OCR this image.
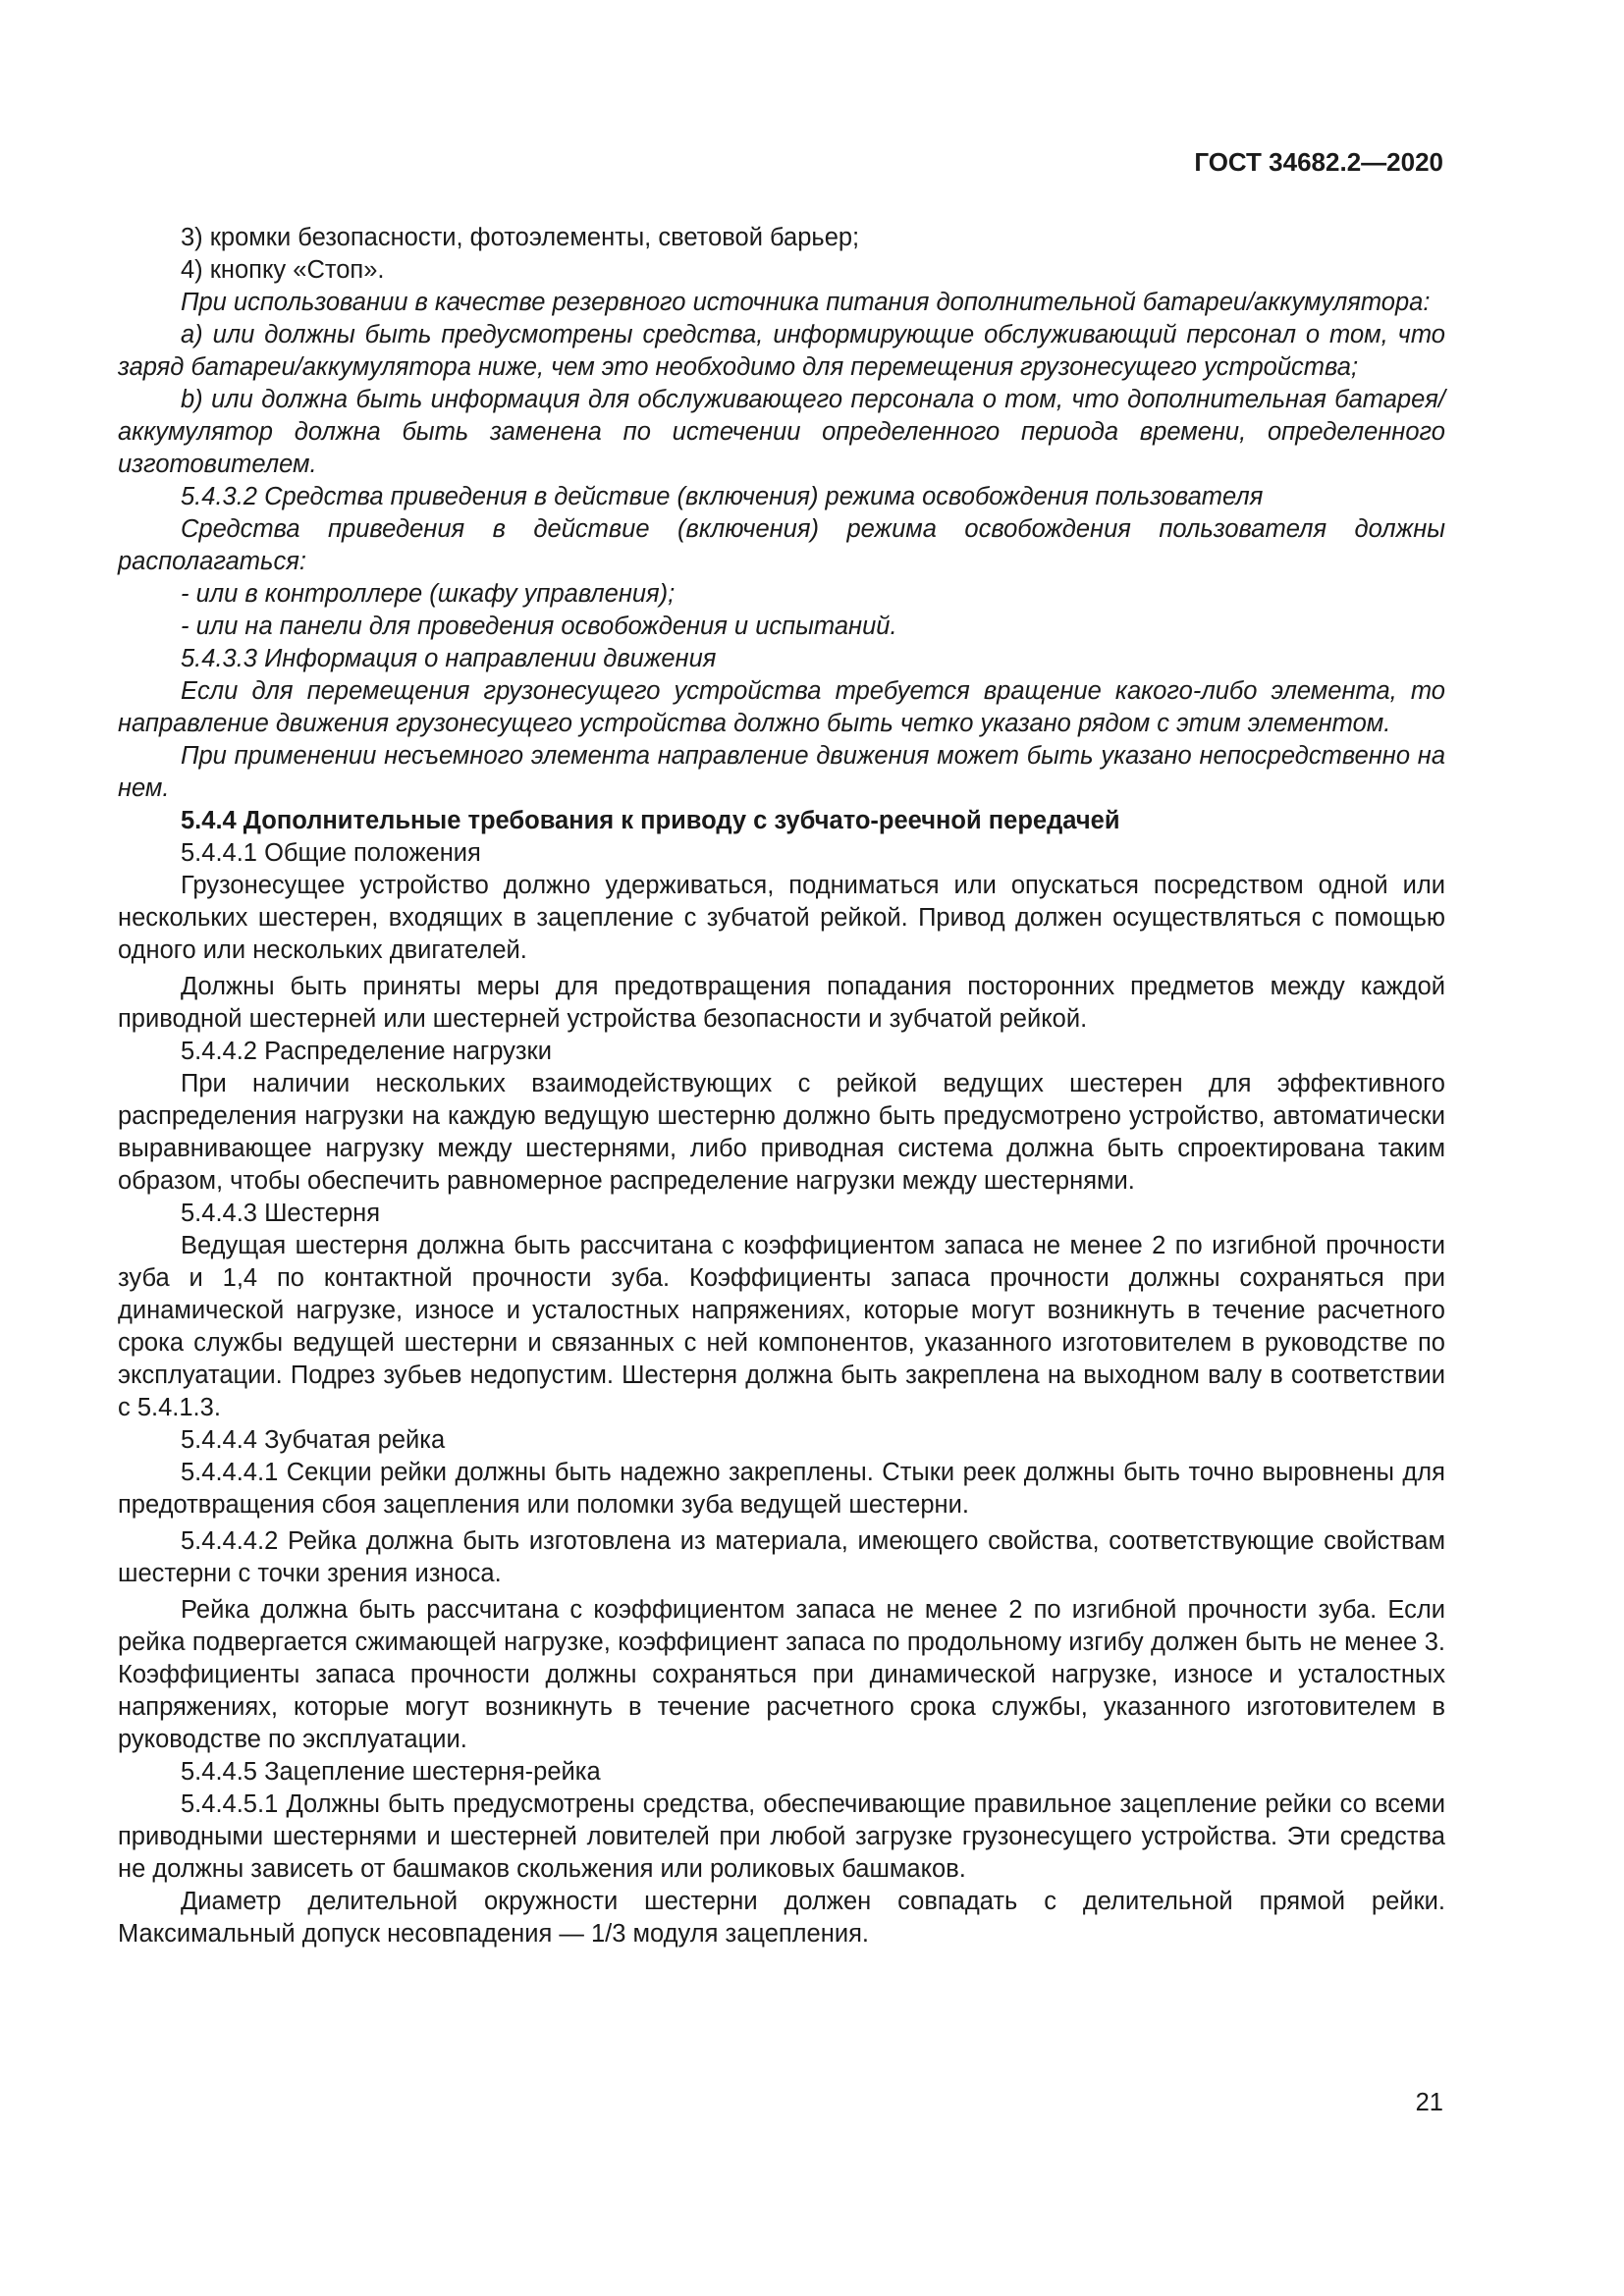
ГОСТ 34682.2—2020

3) кромки безопасности, фотоэлементы, световой барьер;

4) кнопку «Стоп».

При использовании в качестве резервного источника питания дополнительной батареи/аккумулятора:

a) или должны быть предусмотрены средства, информирующие обслуживающий персонал о том, что заряд батареи/аккумулятора ниже, чем это необходимо для перемещения грузонесущего устройства;

b) или должна быть информация для обслуживающего персонала о том, что дополнительная батарея/аккумулятор должна быть заменена по истечении определенного периода времени, определенного изготовителем.

5.4.3.2 Средства приведения в действие (включения) режима освобождения пользователя

Средства приведения в действие (включения) режима освобождения пользователя должны располагаться:

- или в контроллере (шкафу управления);

- или на панели для проведения освобождения и испытаний.

5.4.3.3 Информация о направлении движения

Если для перемещения грузонесущего устройства требуется вращение какого-либо элемента, то направление движения грузонесущего устройства должно быть четко указано рядом с этим элементом.

При применении несъемного элемента направление движения может быть указано непосредственно на нем.

5.4.4 Дополнительные требования к приводу с зубчато-реечной передачей

5.4.4.1 Общие положения

Грузонесущее устройство должно удерживаться, подниматься или опускаться посредством одной или нескольких шестерен, входящих в зацепление с зубчатой рейкой. Привод должен осуществляться с помощью одного или нескольких двигателей.

Должны быть приняты меры для предотвращения попадания посторонних предметов между каждой приводной шестерней или шестерней устройства безопасности и зубчатой рейкой.

5.4.4.2 Распределение нагрузки

При наличии нескольких взаимодействующих с рейкой ведущих шестерен для эффективного распределения нагрузки на каждую ведущую шестерню должно быть предусмотрено устройство, автоматически выравнивающее нагрузку между шестернями, либо приводная система должна быть спроектирована таким образом, чтобы обеспечить равномерное распределение нагрузки между шестернями.

5.4.4.3 Шестерня

Ведущая шестерня должна быть рассчитана с коэффициентом запаса не менее 2 по изгибной прочности зуба и 1,4 по контактной прочности зуба. Коэффициенты запаса прочности должны сохраняться при динамической нагрузке, износе и усталостных напряжениях, которые могут возникнуть в течение расчетного срока службы ведущей шестерни и связанных с ней компонентов, указанного изготовителем в руководстве по эксплуатации. Подрез зубьев недопустим. Шестерня должна быть закреплена на выходном валу в соответствии с 5.4.1.3.

5.4.4.4 Зубчатая рейка

5.4.4.4.1 Секции рейки должны быть надежно закреплены. Стыки реек должны быть точно выровнены для предотвращения сбоя зацепления или поломки зуба ведущей шестерни.

5.4.4.4.2 Рейка должна быть изготовлена из материала, имеющего свойства, соответствующие свойствам шестерни с точки зрения износа.

Рейка должна быть рассчитана с коэффициентом запаса не менее 2 по изгибной прочности зуба. Если рейка подвергается сжимающей нагрузке, коэффициент запаса по продольному изгибу должен быть не менее 3. Коэффициенты запаса прочности должны сохраняться при динамической нагрузке, износе и усталостных напряжениях, которые могут возникнуть в течение расчетного срока службы, указанного изготовителем в руководстве по эксплуатации.

5.4.4.5 Зацепление шестерня-рейка

5.4.4.5.1 Должны быть предусмотрены средства, обеспечивающие правильное зацепление рейки со всеми приводными шестернями и шестерней ловителей при любой загрузке грузонесущего устройства. Эти средства не должны зависеть от башмаков скольжения или роликовых башмаков.

Диаметр делительной окружности шестерни должен совпадать с делительной прямой рейки. Максимальный допуск несовпадения — 1/3 модуля зацепления.

21
